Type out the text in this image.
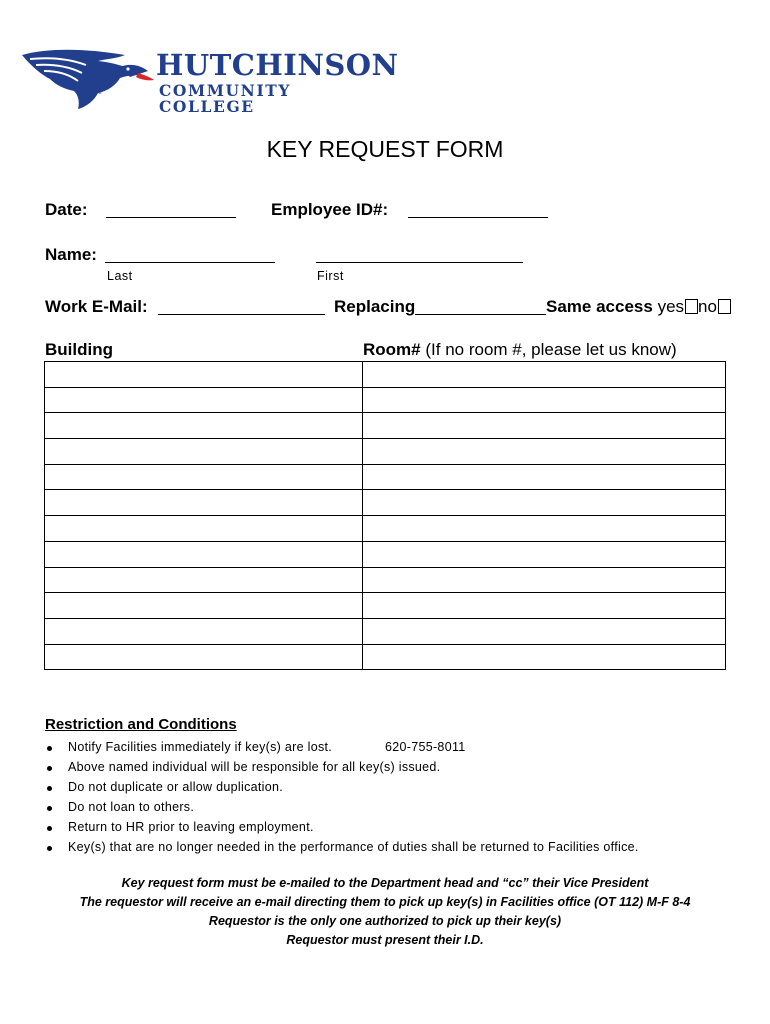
TM
HUTCHINSON
COMMUNITY COLLEGE
KEY REQUEST FORM
Date:	Employee ID#:
Name:
Last	First
Work E-Mail:	Replacing	Same access yes no
Building	Room# (If no room #, please let us know)

Restriction and Conditions
Notify Facilities immediately if key(s) are lost.	620-755-8011
Above named individual will be responsible for all key(s) issued.
Do not duplicate or allow duplication.
Do not loan to others.
Return to HR prior to leaving employment.
Key(s) that are no longer needed in the performance of duties shall be returned to Facilities office.
Key request form must be e-mailed to the Department head and “cc” their Vice President
The requestor will receive an e-mail directing them to pick up key(s) in Facilities office (OT 112) M-F 8-4
Requestor is the only one authorized to pick up their key(s)
Requestor must present their I.D.
